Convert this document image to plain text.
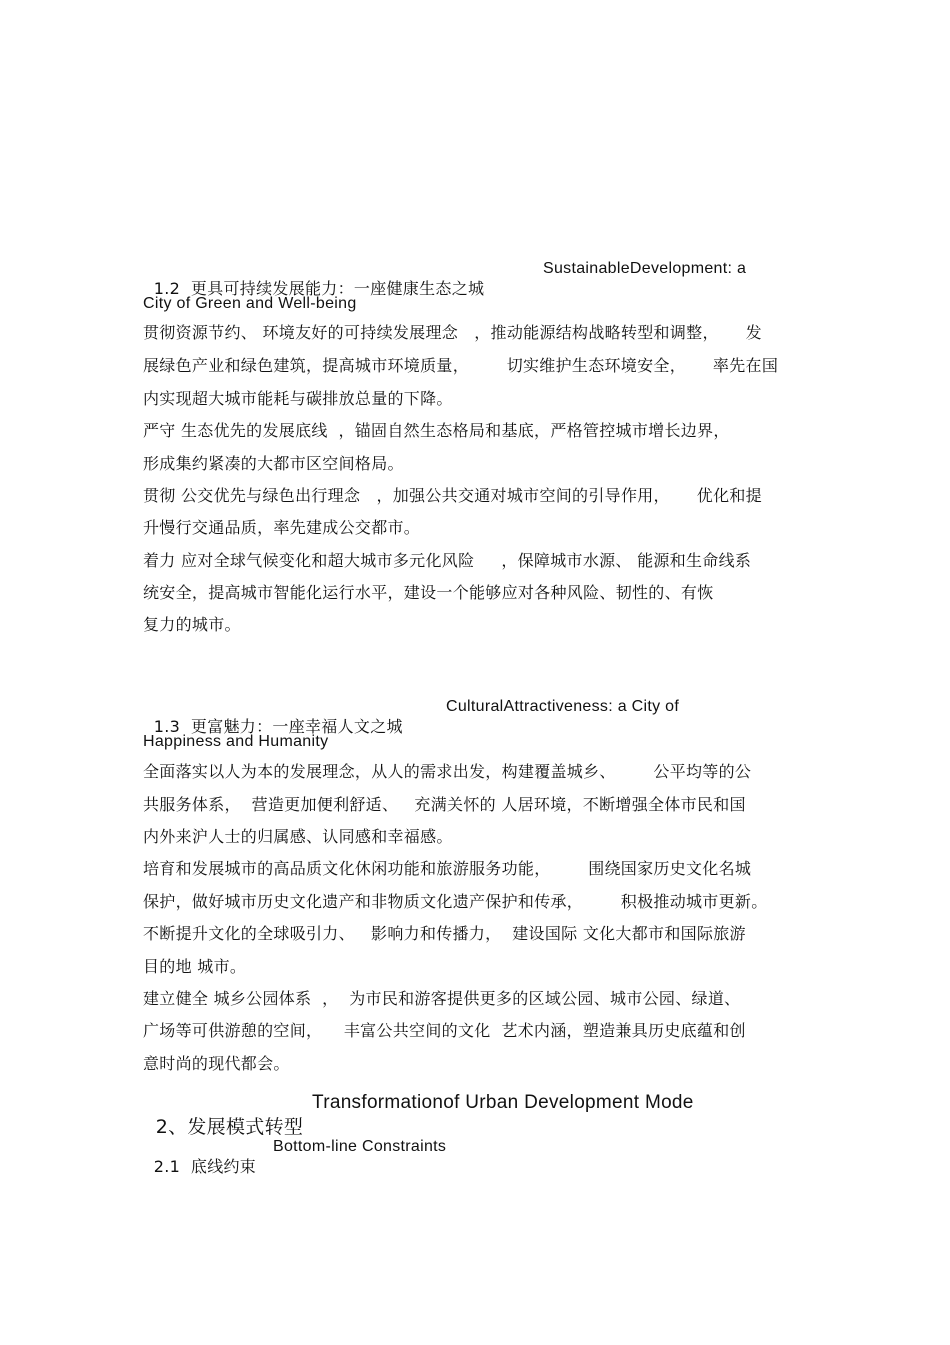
1.2  更具可持续发展能力：一座健康生态之城

SustainableDevelopment: a

City of Green and Well-being
贯彻资源节约、 环境友好的可持续发展理念   ，推动能源结构战略转型和调整，     发
展绿色产业和绿色建筑，提高城市环境质量，       切实维护生态环境安全，     率先在国
内实现超大城市能耗与碳排放总量的下降。
严守 生态优先的发展底线  ，锚固自然生态格局和基底，严格管控城市增长边界，
形成集约紧凑的大都市区空间格局。
贯彻 公交优先与绿色出行理念   ，加强公共交通对城市空间的引导作用，     优化和提
升慢行交通品质，率先建成公交都市。
着力 应对全球气候变化和超大城市多元化风险     ，保障城市水源、 能源和生命线系
统安全，提高城市智能化运行水平，建设一个能够应对各种风险、韧性的、有恢
复力的城市。

1.3  更富魅力：一座幸福人文之城

CulturalAttractiveness: a City of

Happiness and Humanity
全面落实以人为本的发展理念，从人的需求出发，构建覆盖城乡、       公平均等的公
共服务体系，  营造更加便利舒适、   充满关怀的 人居环境，不断增强全体市民和国
内外来沪人士的归属感、认同感和幸福感。
培育和发展城市的高品质文化休闲功能和旅游服务功能，       围绕国家历史文化名城
保护，做好城市历史文化遗产和非物质文化遗产保护和传承，       积极推动城市更新。
不断提升文化的全球吸引力、   影响力和传播力，  建设国际 文化大都市和国际旅游
目的地 城市。
建立健全 城乡公园体系  ，  为市民和游客提供更多的区域公园、城市公园、绿道、
广场等可供游憩的空间，    丰富公共空间的文化  艺术内涵，塑造兼具历史底蕴和创
意时尚的现代都会。

2、发展模式转型

Transformationof Urban Development Mode

2.1  底线约束

Bottom-line Constraints
